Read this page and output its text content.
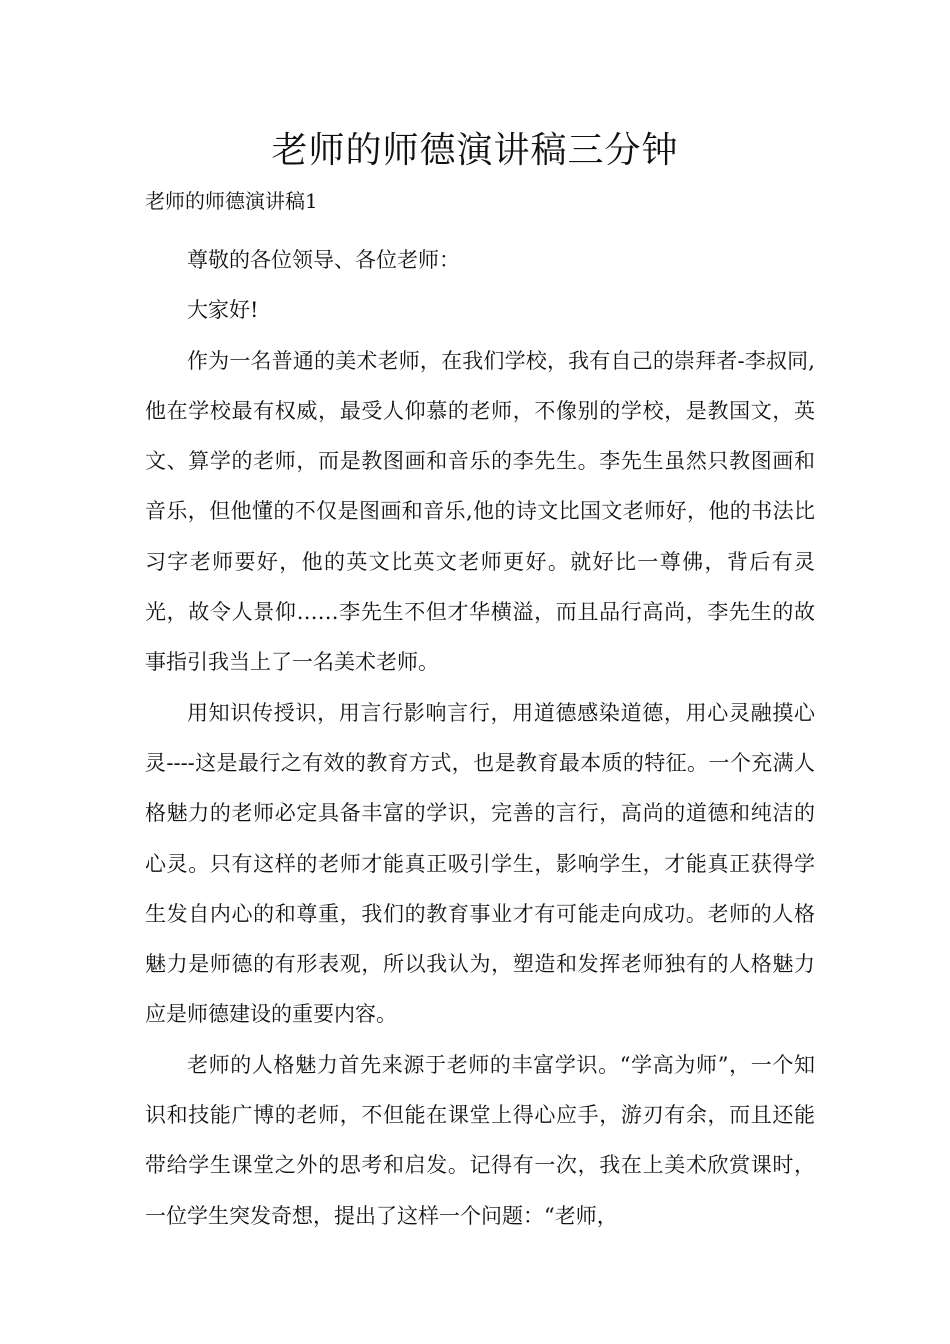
老师的师德演讲稿三分钟

老师的师德演讲稿1

尊敬的各位领导、各位老师：

大家好!

作为一名普通的美术老师，在我们学校，我有自己的崇拜者-李叔同,他在学校最有权威，最受人仰慕的老师，不像别的学校，是教国文，英文、算学的老师，而是教图画和音乐的李先生。李先生虽然只教图画和音乐，但他懂的不仅是图画和音乐,他的诗文比国文老师好，他的书法比习字老师要好，他的英文比英文老师更好。就好比一尊佛，背后有灵光，故令人景仰……李先生不但才华横溢，而且品行高尚，李先生的故事指引我当上了一名美术老师。

用知识传授识，用言行影响言行，用道德感染道德，用心灵融摸心灵----这是最行之有效的教育方式，也是教育最本质的特征。一个充满人格魅力的老师必定具备丰富的学识，完善的言行，高尚的道德和纯洁的心灵。只有这样的老师才能真正吸引学生，影响学生，才能真正获得学生发自内心的和尊重，我们的教育事业才有可能走向成功。老师的人格魅力是师德的有形表观，所以我认为，塑造和发挥老师独有的人格魅力应是师德建设的重要内容。

老师的人格魅力首先来源于老师的丰富学识。“学高为师”，一个知识和技能广博的老师，不但能在课堂上得心应手，游刃有余，而且还能带给学生课堂之外的思考和启发。记得有一次，我在上美术欣赏课时，一位学生突发奇想，提出了这样一个问题：“老师，
